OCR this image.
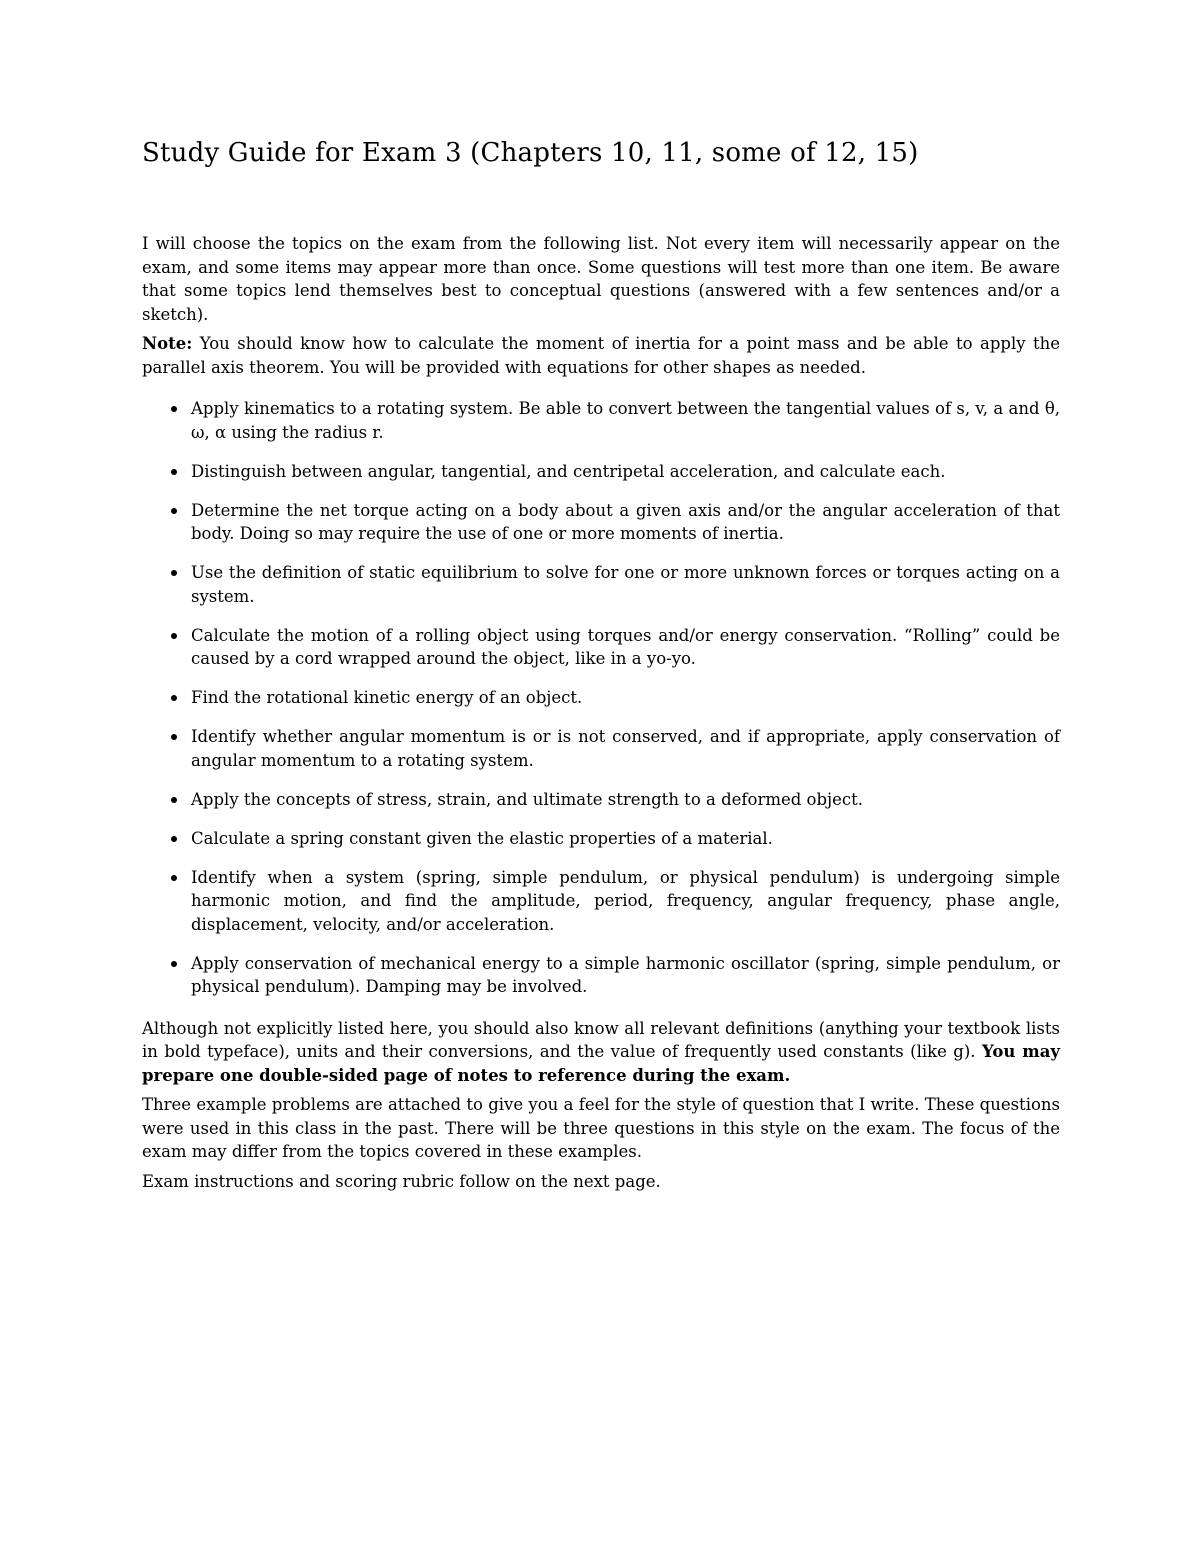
Study Guide for Exam 3 (Chapters 10, 11, some of 12, 15)

I will choose the topics on the exam from the following list. Not every item will necessarily appear on the exam, and some items may appear more than once. Some questions will test more than one item. Be aware that some topics lend themselves best to conceptual questions (answered with a few sentences and/or a sketch).

Note: You should know how to calculate the moment of inertia for a point mass and be able to apply the parallel axis theorem. You will be provided with equations for other shapes as needed.

Apply kinematics to a rotating system. Be able to convert between the tangential values of s, v, a and θ, ω, α using the radius r.
Distinguish between angular, tangential, and centripetal acceleration, and calculate each.
Determine the net torque acting on a body about a given axis and/or the angular acceleration of that body. Doing so may require the use of one or more moments of inertia.
Use the definition of static equilibrium to solve for one or more unknown forces or torques acting on a system.
Calculate the motion of a rolling object using torques and/or energy conservation. “Rolling” could be caused by a cord wrapped around the object, like in a yo-yo.
Find the rotational kinetic energy of an object.
Identify whether angular momentum is or is not conserved, and if appropriate, apply conservation of angular momentum to a rotating system.
Apply the concepts of stress, strain, and ultimate strength to a deformed object.
Calculate a spring constant given the elastic properties of a material.
Identify when a system (spring, simple pendulum, or physical pendulum) is undergoing simple harmonic motion, and find the amplitude, period, frequency, angular frequency, phase angle, displacement, velocity, and/or acceleration.
Apply conservation of mechanical energy to a simple harmonic oscillator (spring, simple pendulum, or physical pendulum). Damping may be involved.

Although not explicitly listed here, you should also know all relevant definitions (anything your textbook lists in bold typeface), units and their conversions, and the value of frequently used constants (like g). You may prepare one double-sided page of notes to reference during the exam.

Three example problems are attached to give you a feel for the style of question that I write. These questions were used in this class in the past. There will be three questions in this style on the exam. The focus of the exam may differ from the topics covered in these examples.

Exam instructions and scoring rubric follow on the next page.
